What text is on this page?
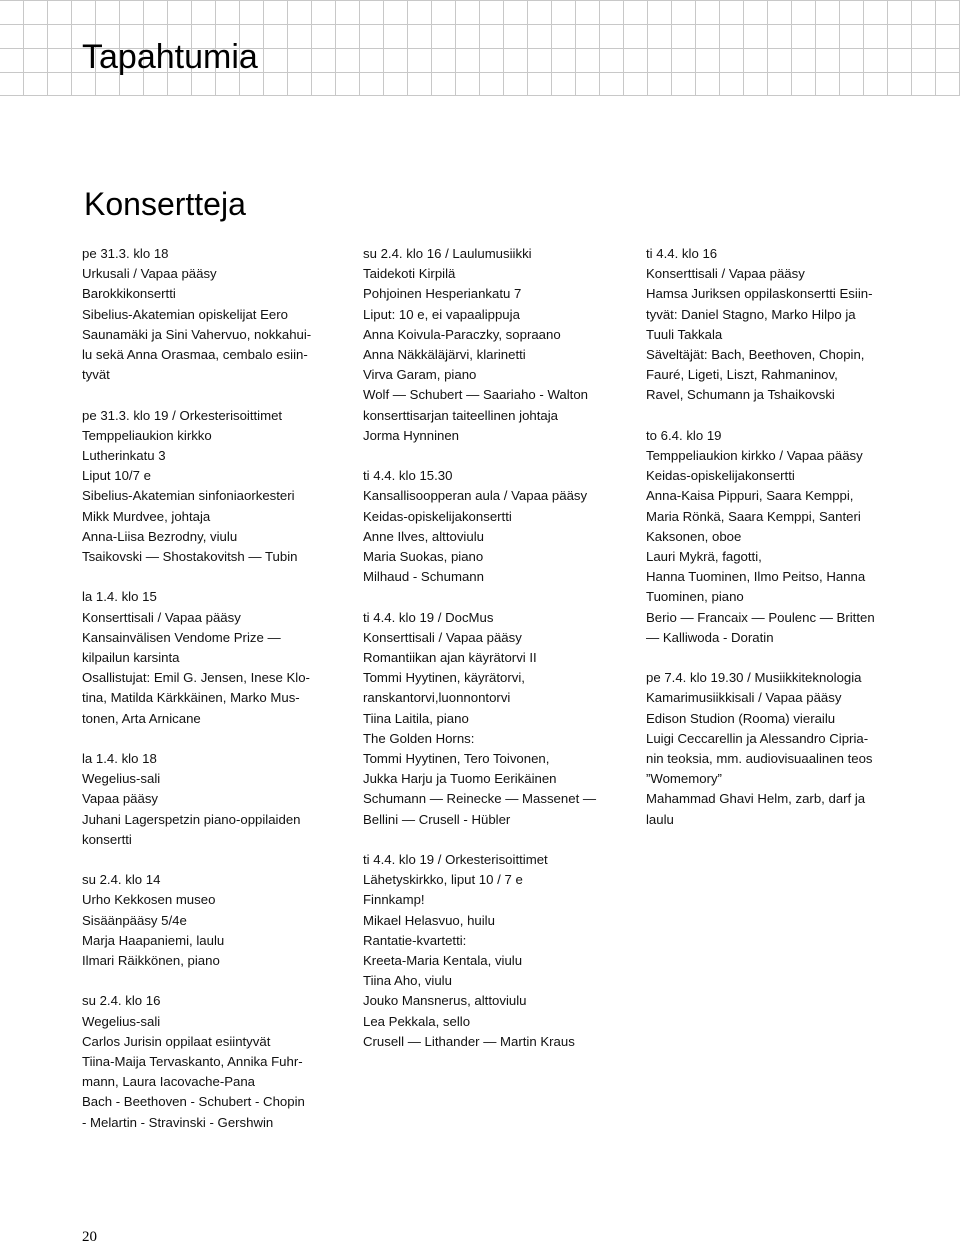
Tapahtumia
Konsertteja
pe 31.3. klo 18
Urkusali / Vapaa pääsy
Barokkikonsertti
Sibelius-Akatemian opiskelijat Eero
Saunamäki ja Sini Vahervuo, nokkahui-
lu sekä Anna Orasmaa, cembalo esiin-
tyvät
pe 31.3. klo 19 / Orkesterisoittimet
Temppeliaukion kirkko
Lutherinkatu 3
Liput 10/7 e
Sibelius-Akatemian sinfoniaorkesteri
Mikk Murdvee, johtaja
Anna-Liisa Bezrodny, viulu
Tsaikovski — Shostakovitsh — Tubin
la 1.4. klo 15
Konserttisali / Vapaa pääsy
Kansainvälisen Vendome Prize —
kilpailun karsinta
Osallistujat: Emil G. Jensen, Inese Klo-
tina, Matilda Kärkkäinen, Marko Mus-
tonen, Arta Arnicane
la 1.4. klo 18
Wegelius-sali
Vapaa pääsy
Juhani Lagerspetzin piano-oppilaiden
konsertti
su 2.4. klo 14
Urho Kekkosen museo
Sisäänpääsy 5/4e
Marja Haapaniemi, laulu
Ilmari Räikkönen, piano
su 2.4. klo 16
Wegelius-sali
Carlos Jurisin oppilaat esiintyvät
Tiina-Maija Tervaskanto, Annika Fuhr-
mann, Laura Iacovache-Pana
Bach - Beethoven - Schubert - Chopin
- Melartin - Stravinski - Gershwin
su 2.4. klo 16 / Laulumusiikki
Taidekoti Kirpilä
Pohjoinen Hesperiankatu 7
Liput: 10 e, ei vapaalippuja
Anna Koivula-Paraczky, sopraano
Anna Näkkäläjärvi, klarinetti
Virva Garam, piano
Wolf — Schubert — Saariaho - Walton
konserttisarjan taiteellinen johtaja
Jorma Hynninen
ti 4.4. klo 15.30
Kansallisoopperan aula / Vapaa pääsy
Keidas-opiskelijakonsertti
Anne Ilves, alttoviulu
Maria Suokas, piano
Milhaud - Schumann
ti 4.4. klo 19 / DocMus
Konserttisali / Vapaa pääsy
Romantiikan ajan käyrätorvi II
Tommi Hyytinen, käyrätorvi,
ranskantorvi,luonnontorvi
Tiina Laitila, piano
The Golden Horns:
Tommi Hyytinen, Tero Toivonen,
Jukka Harju ja Tuomo Eerikäinen
Schumann — Reinecke — Massenet —
Bellini — Crusell - Hübler
ti 4.4. klo 19 / Orkesterisoittimet
Lähetyskirkko, liput 10 / 7 e
Finnkamp!
Mikael Helasvuo, huilu
Rantatie-kvartetti:
Kreeta-Maria Kentala, viulu
Tiina Aho, viulu
Jouko Mansnerus, alttoviulu
Lea Pekkala, sello
Crusell — Lithander — Martin Kraus
ti 4.4. klo 16
Konserttisali / Vapaa pääsy
Hamsa Juriksen oppilaskonsertti Esiin-
tyvät: Daniel Stagno, Marko Hilpo ja
Tuuli Takkala
Säveltäjät: Bach, Beethoven, Chopin,
Fauré, Ligeti, Liszt, Rahmaninov,
Ravel, Schumann ja Tshaikovski
to 6.4. klo 19
Temppeliaukion kirkko / Vapaa pääsy
Keidas-opiskelijakonsertti
Anna-Kaisa Pippuri, Saara Kemppi,
Maria Rönkä, Saara Kemppi, Santeri
Kaksonen, oboe
Lauri Mykrä, fagotti,
Hanna Tuominen, Ilmo Peitso, Hanna
Tuominen, piano
Berio — Francaix — Poulenc — Britten
— Kalliwoda - Doratin
pe 7.4. klo 19.30 / Musiikkiteknologia
Kamarimusiikkisali / Vapaa pääsy
Edison Studion (Rooma) vierailu
Luigi Ceccarellin ja Alessandro Cipria-
nin teoksia, mm. audiovisuaalinen teos
”Womemory”
Mahammad Ghavi Helm, zarb, darf ja
laulu
20
